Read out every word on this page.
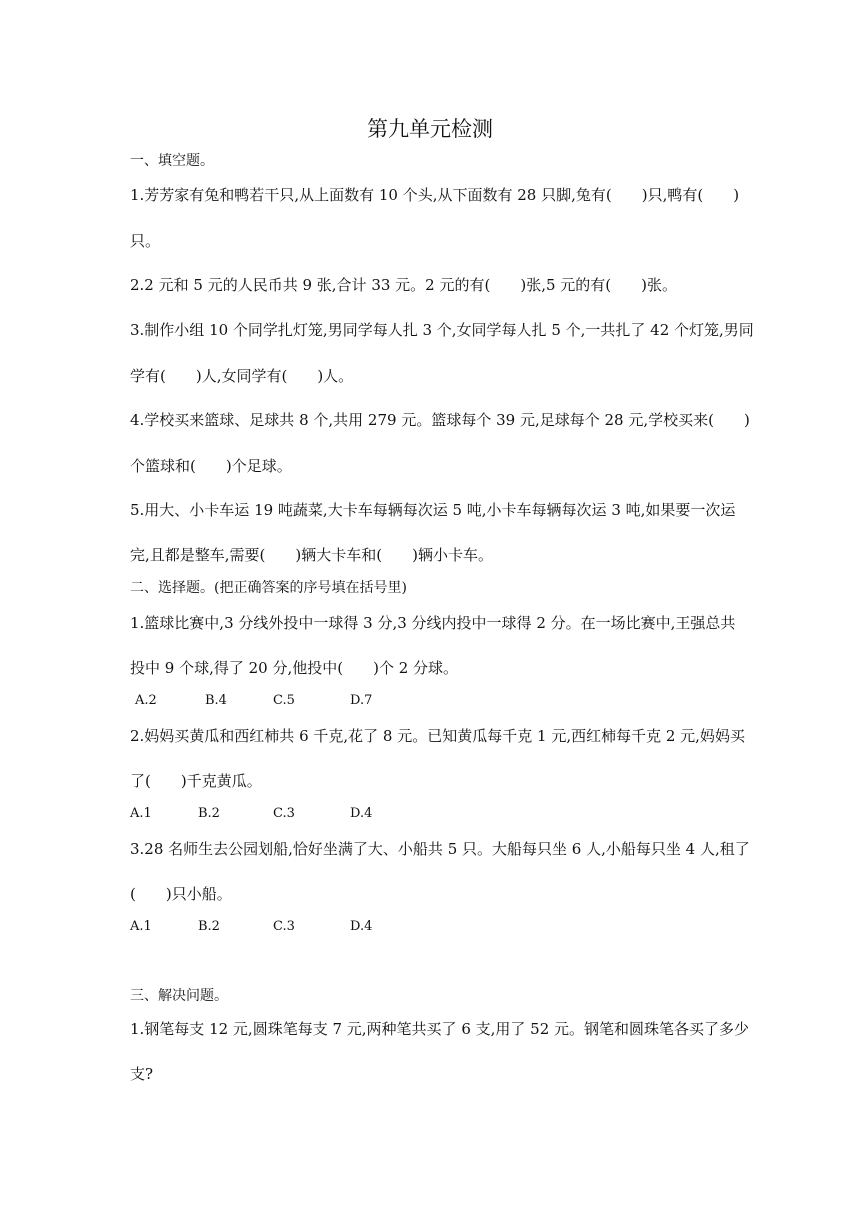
第九单元检测
一、填空题。
1.芳芳家有兔和鸭若干只,从上面数有 10 个头,从下面数有 28 只脚,兔有(　　)只,鸭有(　　)
只。
2.2 元和 5 元的人民币共 9 张,合计 33 元。2 元的有(　　)张,5 元的有(　　)张。
3.制作小组 10 个同学扎灯笼,男同学每人扎 3 个,女同学每人扎 5 个,一共扎了 42 个灯笼,男同
学有(　　)人,女同学有(　　)人。
4.学校买来篮球、足球共 8 个,共用 279 元。篮球每个 39 元,足球每个 28 元,学校买来(　　)
个篮球和(　　)个足球。
5.用大、小卡车运 19 吨蔬菜,大卡车每辆每次运 5 吨,小卡车每辆每次运 3 吨,如果要一次运
完,且都是整车,需要(　　)辆大卡车和(　　)辆小卡车。
二、选择题。(把正确答案的序号填在括号里)
1.篮球比赛中,3 分线外投中一球得 3 分,3 分线内投中一球得 2 分。在一场比赛中,王强总共
投中 9 个球,得了 20 分,他投中(　　)个 2 分球。
A.2	B.4	C.5	D.7
2.妈妈买黄瓜和西红柿共 6 千克,花了 8 元。已知黄瓜每千克 1 元,西红柿每千克 2 元,妈妈买
了(　　)千克黄瓜。
A.1	B.2	C.3	D.4
3.28 名师生去公园划船,恰好坐满了大、小船共 5 只。大船每只坐 6 人,小船每只坐 4 人,租了
(　　)只小船。
A.1	B.2	C.3	D.4
三、解决问题。
1.钢笔每支 12 元,圆珠笔每支 7 元,两种笔共买了 6 支,用了 52 元。钢笔和圆珠笔各买了多少
支?
